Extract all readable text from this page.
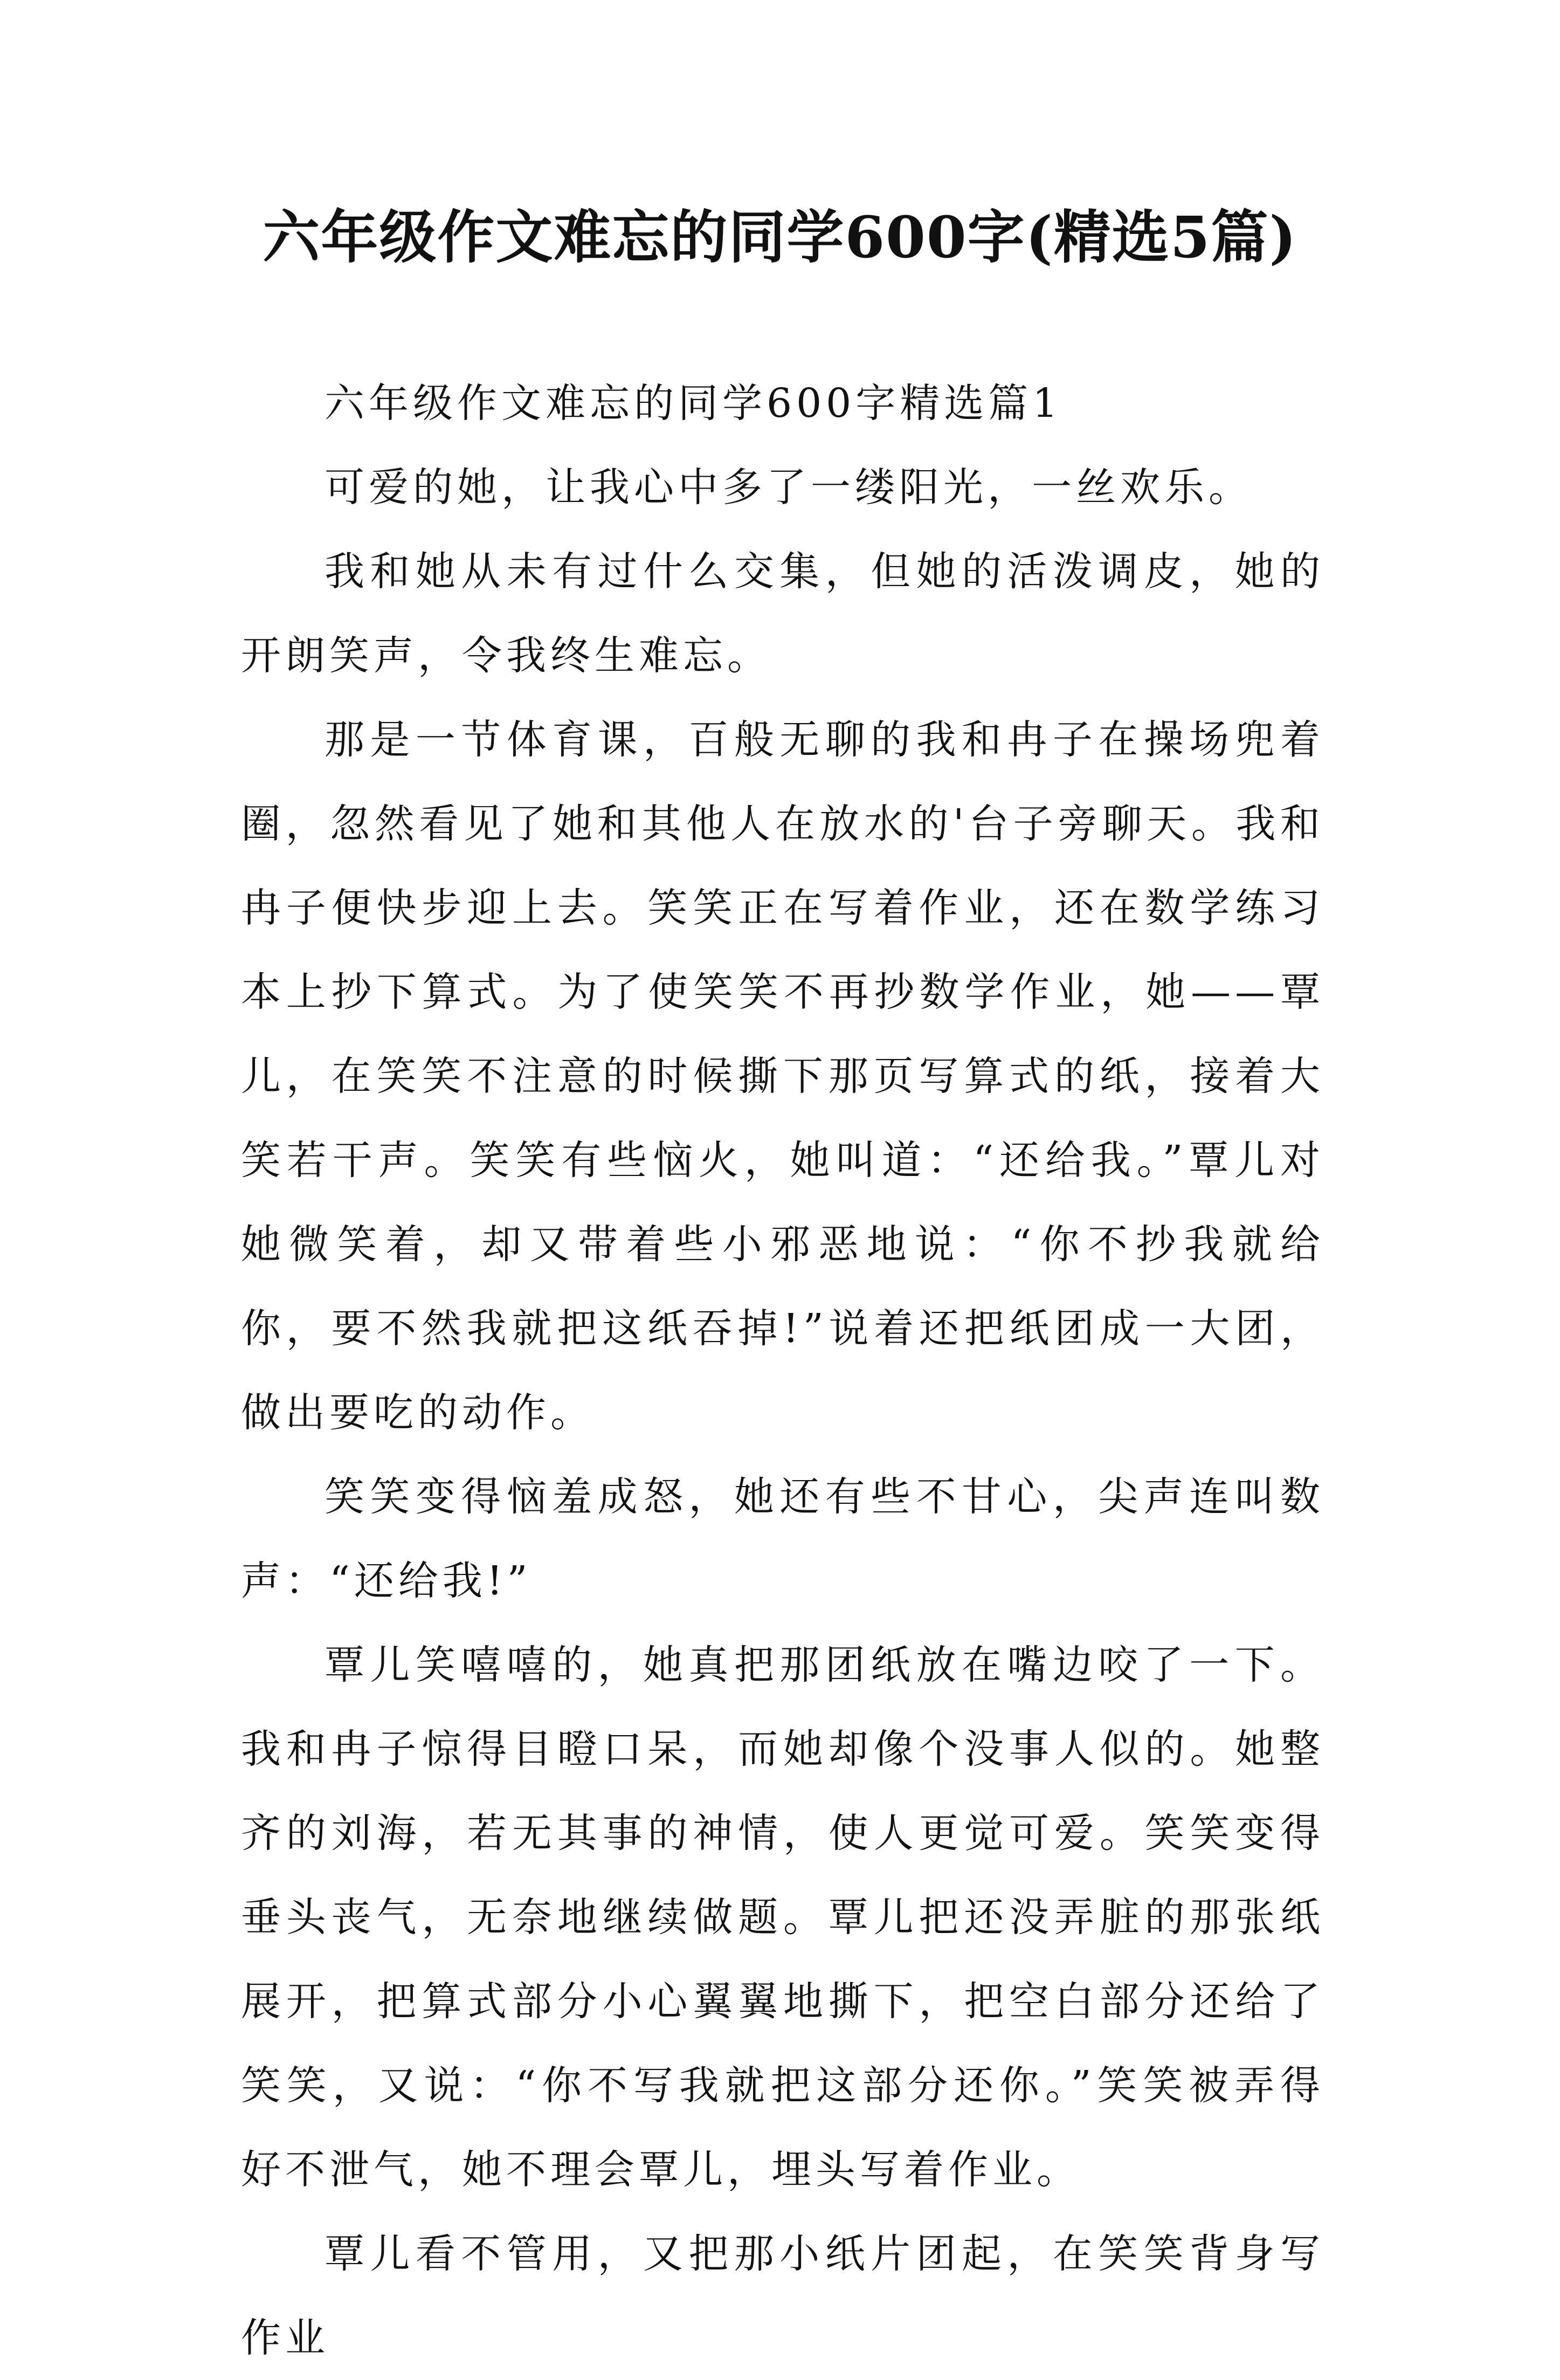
六年级作文难忘的同学600字(精选5篇)

六年级作文难忘的同学600字精选篇1

可爱的她，让我心中多了一缕阳光，一丝欢乐。

我和她从未有过什么交集，但她的活泼调皮，她的开朗笑声，令我终生难忘。

那是一节体育课，百般无聊的我和冉子在操场兜着圈，忽然看见了她和其他人在放水的'台子旁聊天。我和冉子便快步迎上去。笑笑正在写着作业，还在数学练习本上抄下算式。为了使笑笑不再抄数学作业，她——覃儿，在笑笑不注意的时候撕下那页写算式的纸，接着大笑若干声。笑笑有些恼火，她叫道：“还给我。”覃儿对她微笑着，却又带着些小邪恶地说：“你不抄我就给你，要不然我就把这纸吞掉!”说着还把纸团成一大团，做出要吃的动作。

笑笑变得恼羞成怒，她还有些不甘心，尖声连叫数声：“还给我!”

覃儿笑嘻嘻的，她真把那团纸放在嘴边咬了一下。我和冉子惊得目瞪口呆，而她却像个没事人似的。她整齐的刘海，若无其事的神情，使人更觉可爱。笑笑变得垂头丧气，无奈地继续做题。覃儿把还没弄脏的那张纸展开，把算式部分小心翼翼地撕下，把空白部分还给了笑笑，又说：“你不写我就把这部分还你。”笑笑被弄得好不泄气，她不理会覃儿，埋头写着作业。

覃儿看不管用，又把那小纸片团起，在笑笑背身写作业
